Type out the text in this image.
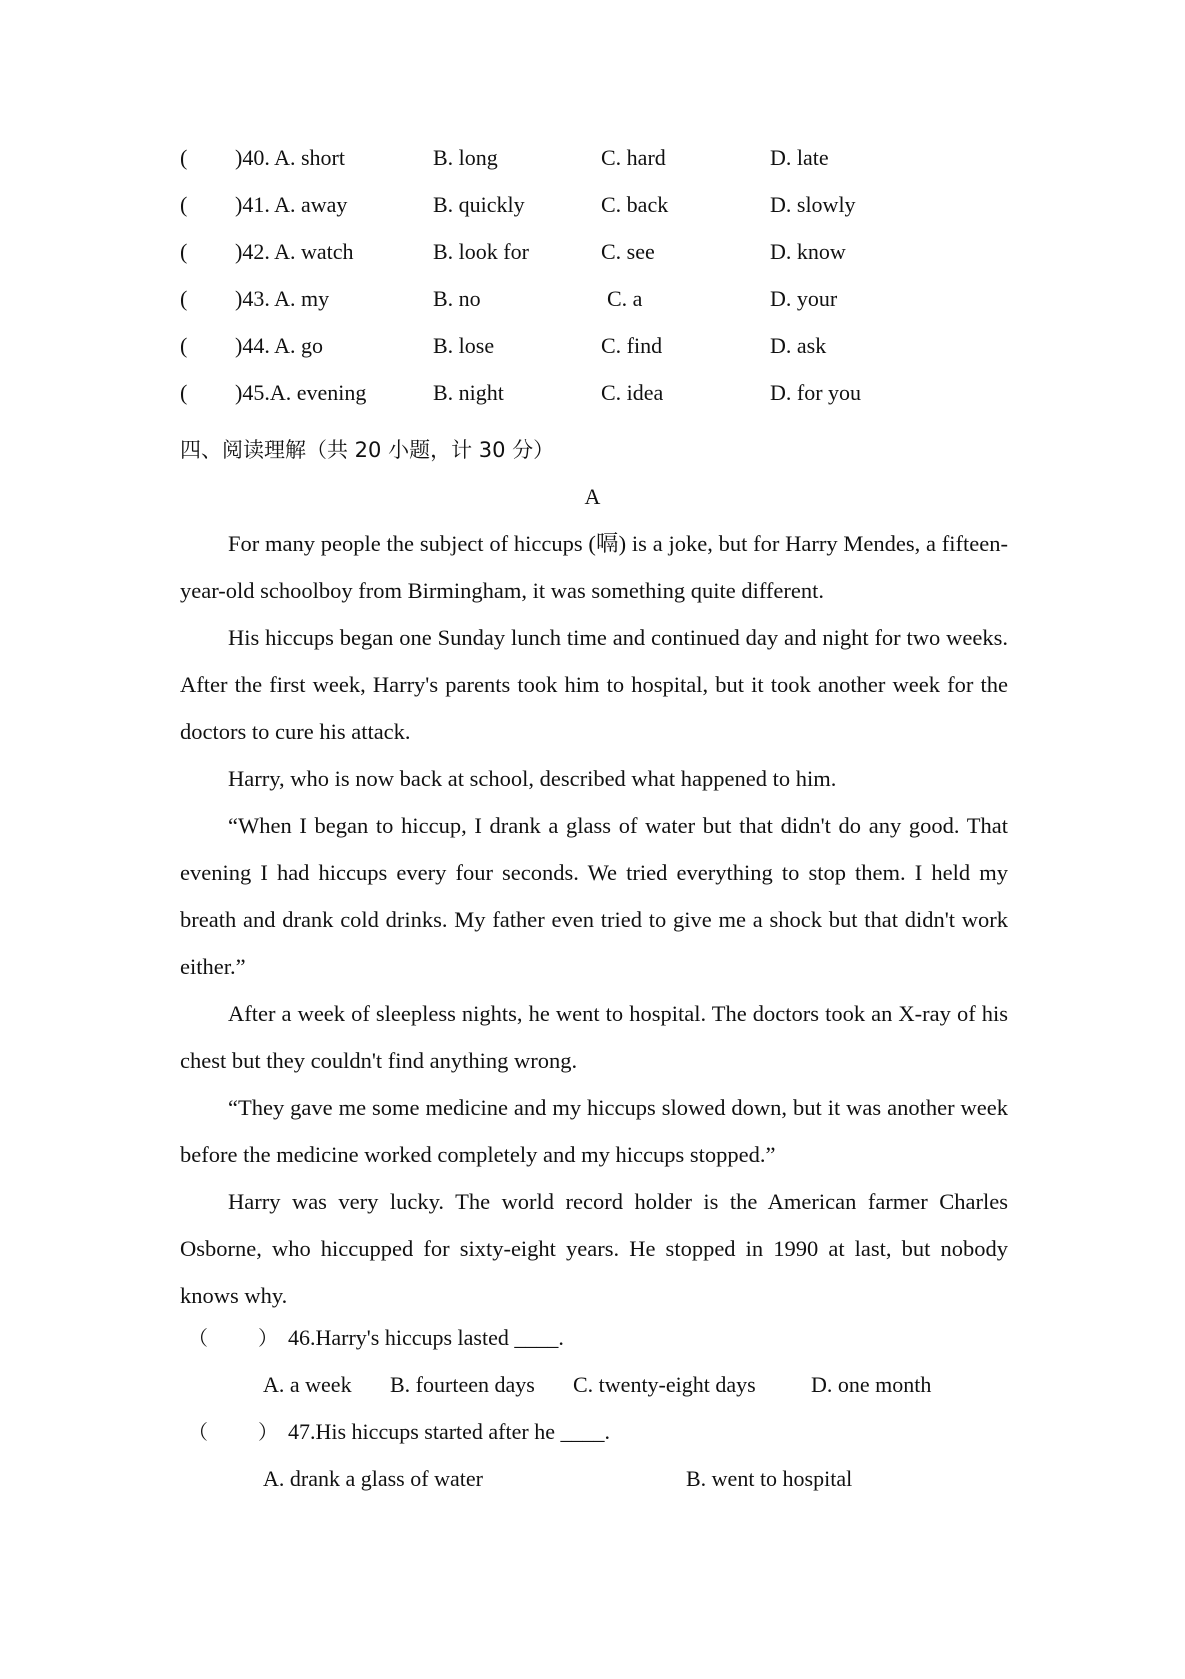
( )40. A. short	B. long	C. hard	D. late
( )41. A. away	B. quickly	C. back	D. slowly
( )42. A. watch	B. look for	C. see	D. know
( )43. A. my	B. no	C. a	D. your
( )44. A. go	B. lose	C. find	D. ask
( )45.A. evening	B. night	C. idea	D. for you
四、阅读理解（共 20 小题，计 30 分）
A

For many people the subject of hiccups (嗝) is a joke, but for Harry Mendes, a fifteen-year-old schoolboy from Birmingham, it was something quite different.

His hiccups began one Sunday lunch time and continued day and night for two weeks. After the first week, Harry's parents took him to hospital, but it took another week for the doctors to cure his attack.

Harry, who is now back at school, described what happened to him.

“When I began to hiccup, I drank a glass of water but that didn't do any good. That evening I had hiccups every four seconds. We tried everything to stop them. I held my breath and drank cold drinks. My father even tried to give me a shock but that didn't work either.”

After a week of sleepless nights, he went to hospital. The doctors took an X-ray of his chest but they couldn't find anything wrong.

“They gave me some medicine and my hiccups slowed down, but it was another week before the medicine worked completely and my hiccups stopped.”

Harry was very lucky. The world record holder is the American farmer Charles Osborne, who hiccupped for sixty-eight years. He stopped in 1990 at last, but nobody knows why.

（	） 46.Harry's hiccups lasted ____.
A. a week B. fourteen days C. twenty-eight days	D. one month
（	） 47.His hiccups started after he ____.
A. drank a glass of water	B. went to hospital
